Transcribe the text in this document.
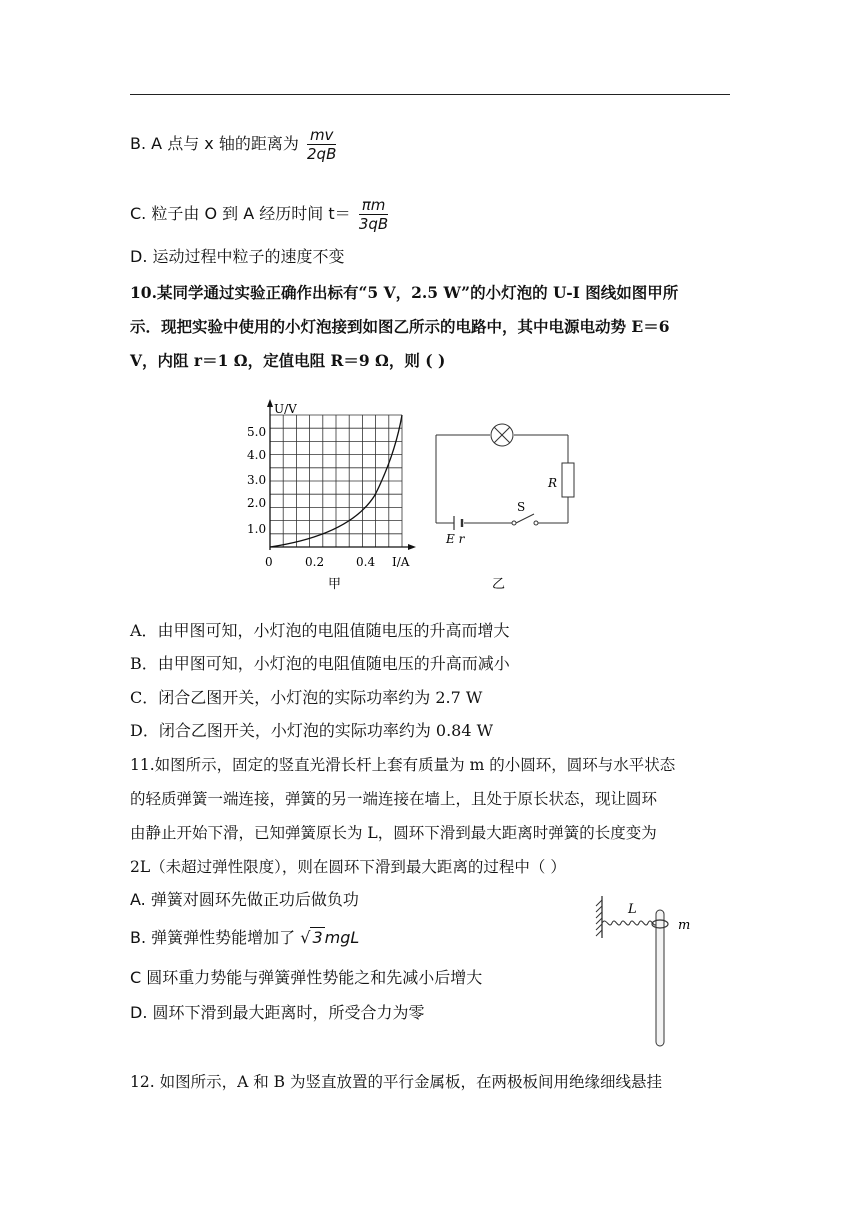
B. A 点与 x 轴的距离为 $\frac{mv}{2qB}$
C. 粒子由 O 到 A 经历时间 $t= \frac{\pi m}{3qB}$
D. 运动过程中粒子的速度不变
10.某同学通过实验正确作出标有“5 V，2.5 W”的小灯泡的 U-I 图线如图甲所
示．现把实验中使用的小灯泡接到如图乙所示的电路中，其中电源电动势 E＝6
V，内阻 r＝1 Ω，定值电阻 R＝9 Ω，则 ( )
U/V
I/A
1.0
2.0
3.0
4.0
5.0
0	0.2	0.4
甲
R
S
E r
乙
A．由甲图可知，小灯泡的电阻值随电压的升高而增大
B．由甲图可知，小灯泡的电阻值随电压的升高而减小
C．闭合乙图开关，小灯泡的实际功率约为 2.7 W
D．闭合乙图开关，小灯泡的实际功率约为 0.84 W
11.如图所示，固定的竖直光滑长杆上套有质量为 m 的小圆环，圆环与水平状态
的轻质弹簧一端连接，弹簧的另一端连接在墙上，且处于原长状态，现让圆环
由静止开始下滑，已知弹簧原长为 L，圆环下滑到最大距离时弹簧的长度变为
2L（未超过弹性限度），则在圆环下滑到最大距离的过程中（ ）
A. 弹簧对圆环先做正功后做负功
B. 弹簧弹性势能增加了 √ 3 mgL
C 圆环重力势能与弹簧弹性势能之和先减小后增大
D. 圆环下滑到最大距离时，所受合力为零
L
m
12. 如图所示，A 和 B 为竖直放置的平行金属板，在两极板间用绝缘细线悬挂
